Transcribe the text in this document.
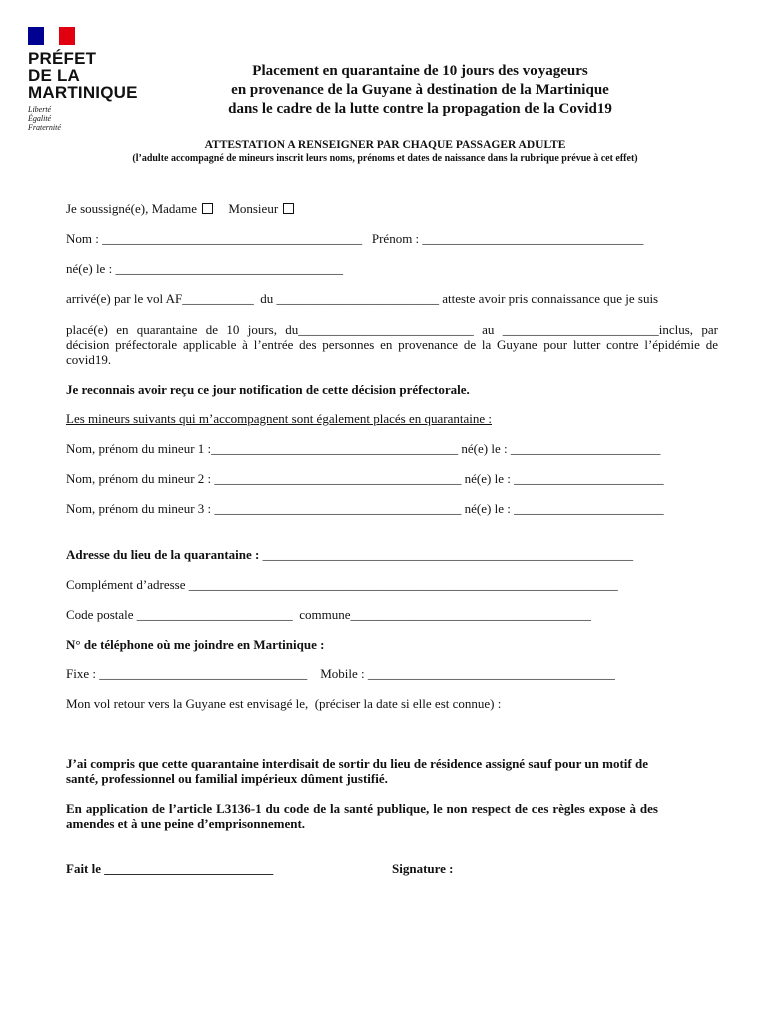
PRÉFET
DE LA
MARTINIQUE
Liberté
Égalité
Fraternité
Placement en quarantaine de 10 jours des voyageurs
en provenance de la Guyane à destination de la Martinique
dans le cadre de la lutte contre la propagation de la Covid19
ATTESTATION A RENSEIGNER PAR CHAQUE PASSAGER ADULTE
(l’adulte accompagné de mineurs inscrit leurs noms, prénoms et dates de naissance dans la rubrique prévue à cet effet)
Je soussigné(e), Madame Monsieur
Nom : ________________________________________   Prénom : __________________________________
né(e) le : ___________________________________
arrivé(e) par le vol AF___________  du _________________________ atteste avoir pris connaissance que je suis
placé(e) en quarantaine de 10 jours, du___________________________ au ________________________inclus, par décision préfectorale applicable à l’entrée des personnes en provenance de la Guyane pour lutter contre l’épidémie de covid19.
Je reconnais avoir reçu ce jour notification de cette décision préfectorale.
Les mineurs suivants qui m’accompagnent sont également placés en quarantaine :
Nom, prénom du mineur 1 :______________________________________ né(e) le : _______________________
Nom, prénom du mineur 2 : ______________________________________ né(e) le : _______________________
Nom, prénom du mineur 3 : ______________________________________ né(e) le : _______________________
Adresse du lieu de la quarantaine : _________________________________________________________
Complément d’adresse __________________________________________________________________
Code postale ________________________  commune_____________________________________
N° de téléphone où me joindre en Martinique :
Fixe : ________________________________    Mobile : ______________________________________
Mon vol retour vers la Guyane est envisagé le,  (préciser la date si elle est connue) :
J’ai compris que cette quarantaine interdisait de sortir du lieu de résidence assigné sauf pour un motif de santé, professionnel ou familial impérieux dûment justifié.
En application de l’article L3136-1 du code de la santé publique, le non respect de ces règles expose à des amendes et à une peine d’emprisonnement.
Fait le __________________________	Signature :
